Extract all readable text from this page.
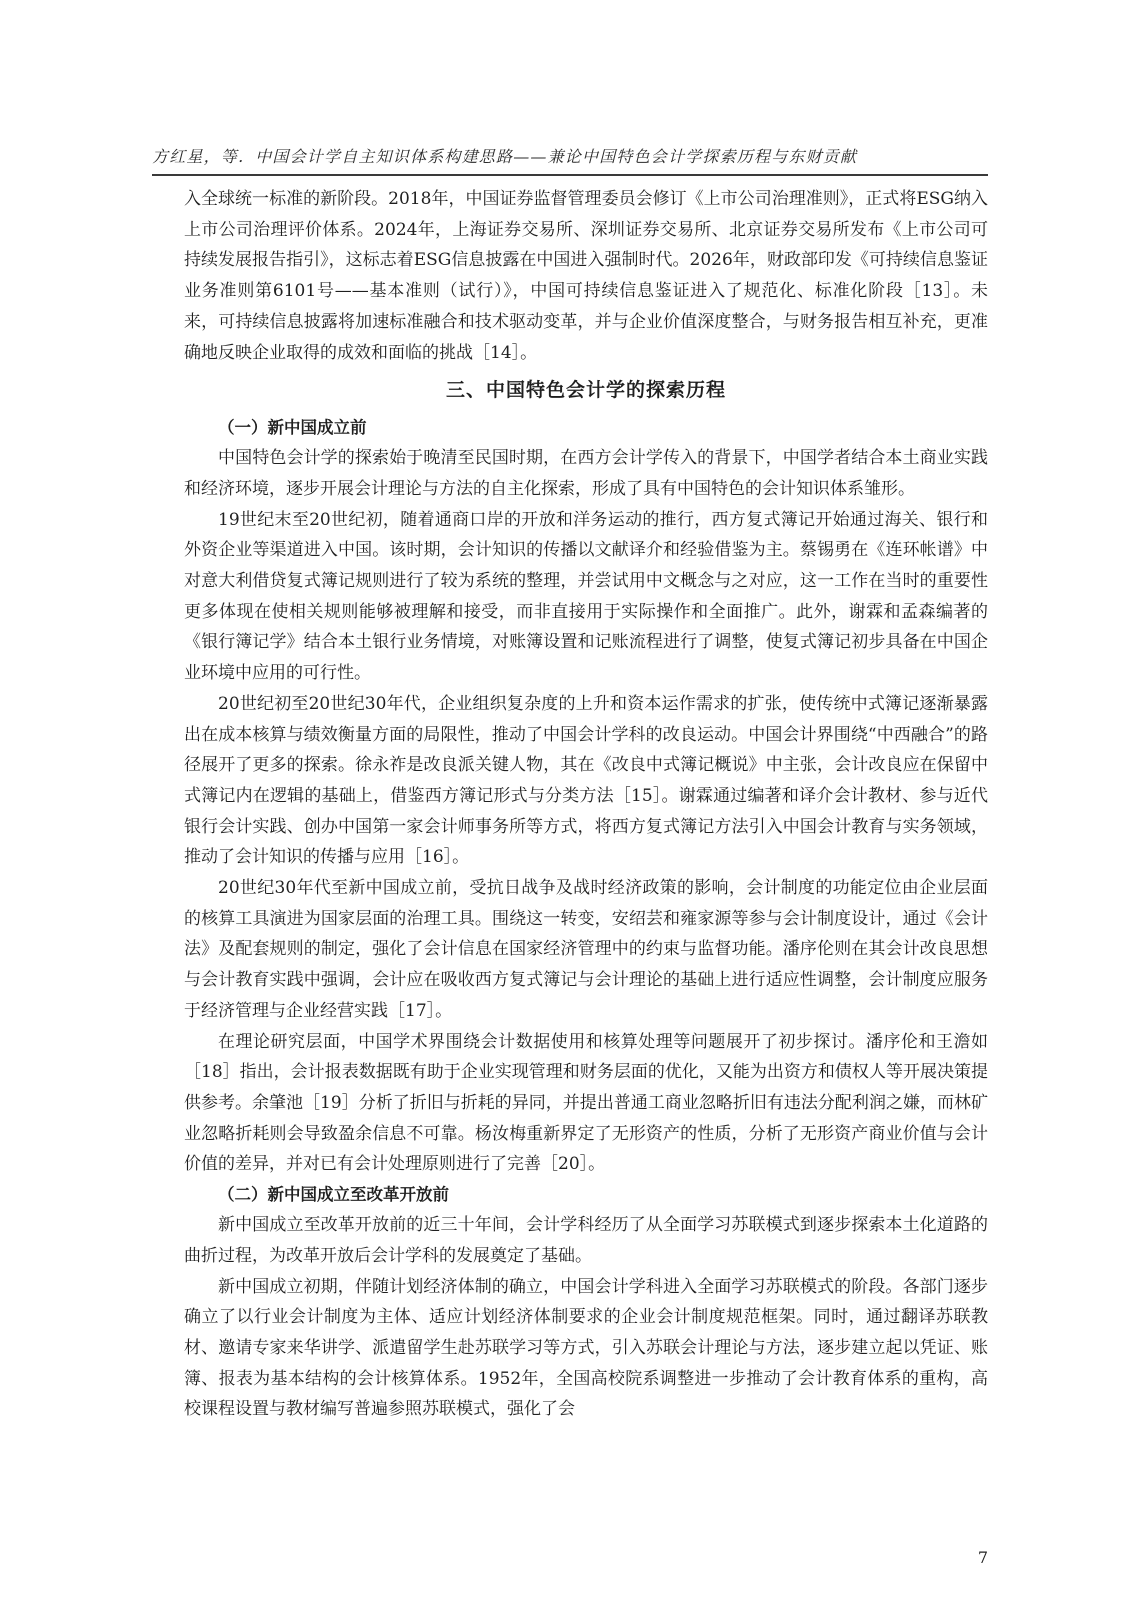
方红星，等．中国会计学自主知识体系构建思路——兼论中国特色会计学探索历程与东财贡献

入全球统一标准的新阶段。2018年，中国证券监督管理委员会修订《上市公司治理准则》，正式将ESG纳入上市公司治理评价体系。2024年，上海证券交易所、深圳证券交易所、北京证券交易所发布《上市公司可持续发展报告指引》，这标志着ESG信息披露在中国进入强制时代。2026年，财政部印发《可持续信息鉴证业务准则第6101号——基本准则（试行）》，中国可持续信息鉴证进入了规范化、标准化阶段［13］。未来，可持续信息披露将加速标准融合和技术驱动变革，并与企业价值深度整合，与财务报告相互补充，更准确地反映企业取得的成效和面临的挑战［14］。

三、中国特色会计学的探索历程
（一）新中国成立前

中国特色会计学的探索始于晚清至民国时期，在西方会计学传入的背景下，中国学者结合本土商业实践和经济环境，逐步开展会计理论与方法的自主化探索，形成了具有中国特色的会计知识体系雏形。

19世纪末至20世纪初，随着通商口岸的开放和洋务运动的推行，西方复式簿记开始通过海关、银行和外资企业等渠道进入中国。该时期，会计知识的传播以文献译介和经验借鉴为主。蔡锡勇在《连环帐谱》中对意大利借贷复式簿记规则进行了较为系统的整理，并尝试用中文概念与之对应，这一工作在当时的重要性更多体现在使相关规则能够被理解和接受，而非直接用于实际操作和全面推广。此外，谢霖和孟森编著的《银行簿记学》结合本土银行业务情境，对账簿设置和记账流程进行了调整，使复式簿记初步具备在中国企业环境中应用的可行性。

20世纪初至20世纪30年代，企业组织复杂度的上升和资本运作需求的扩张，使传统中式簿记逐渐暴露出在成本核算与绩效衡量方面的局限性，推动了中国会计学科的改良运动。中国会计界围绕“中西融合”的路径展开了更多的探索。徐永祚是改良派关键人物，其在《改良中式簿记概说》中主张，会计改良应在保留中式簿记内在逻辑的基础上，借鉴西方簿记形式与分类方法［15］。谢霖通过编著和译介会计教材、参与近代银行会计实践、创办中国第一家会计师事务所等方式，将西方复式簿记方法引入中国会计教育与实务领域，推动了会计知识的传播与应用［16］。

20世纪30年代至新中国成立前，受抗日战争及战时经济政策的影响，会计制度的功能定位由企业层面的核算工具演进为国家层面的治理工具。围绕这一转变，安绍芸和雍家源等参与会计制度设计，通过《会计法》及配套规则的制定，强化了会计信息在国家经济管理中的约束与监督功能。潘序伦则在其会计改良思想与会计教育实践中强调，会计应在吸收西方复式簿记与会计理论的基础上进行适应性调整，会计制度应服务于经济管理与企业经营实践［17］。

在理论研究层面，中国学术界围绕会计数据使用和核算处理等问题展开了初步探讨。潘序伦和王澹如［18］指出，会计报表数据既有助于企业实现管理和财务层面的优化，又能为出资方和债权人等开展决策提供参考。余肇池［19］分析了折旧与折耗的异同，并提出普通工商业忽略折旧有违法分配利润之嫌，而林矿业忽略折耗则会导致盈余信息不可靠。杨汝梅重新界定了无形资产的性质，分析了无形资产商业价值与会计价值的差异，并对已有会计处理原则进行了完善［20］。

（二）新中国成立至改革开放前

新中国成立至改革开放前的近三十年间，会计学科经历了从全面学习苏联模式到逐步探索本土化道路的曲折过程，为改革开放后会计学科的发展奠定了基础。

新中国成立初期，伴随计划经济体制的确立，中国会计学科进入全面学习苏联模式的阶段。各部门逐步确立了以行业会计制度为主体、适应计划经济体制要求的企业会计制度规范框架。同时，通过翻译苏联教材、邀请专家来华讲学、派遣留学生赴苏联学习等方式，引入苏联会计理论与方法，逐步建立起以凭证、账簿、报表为基本结构的会计核算体系。1952年，全国高校院系调整进一步推动了会计教育体系的重构，高校课程设置与教材编写普遍参照苏联模式，强化了会

7
